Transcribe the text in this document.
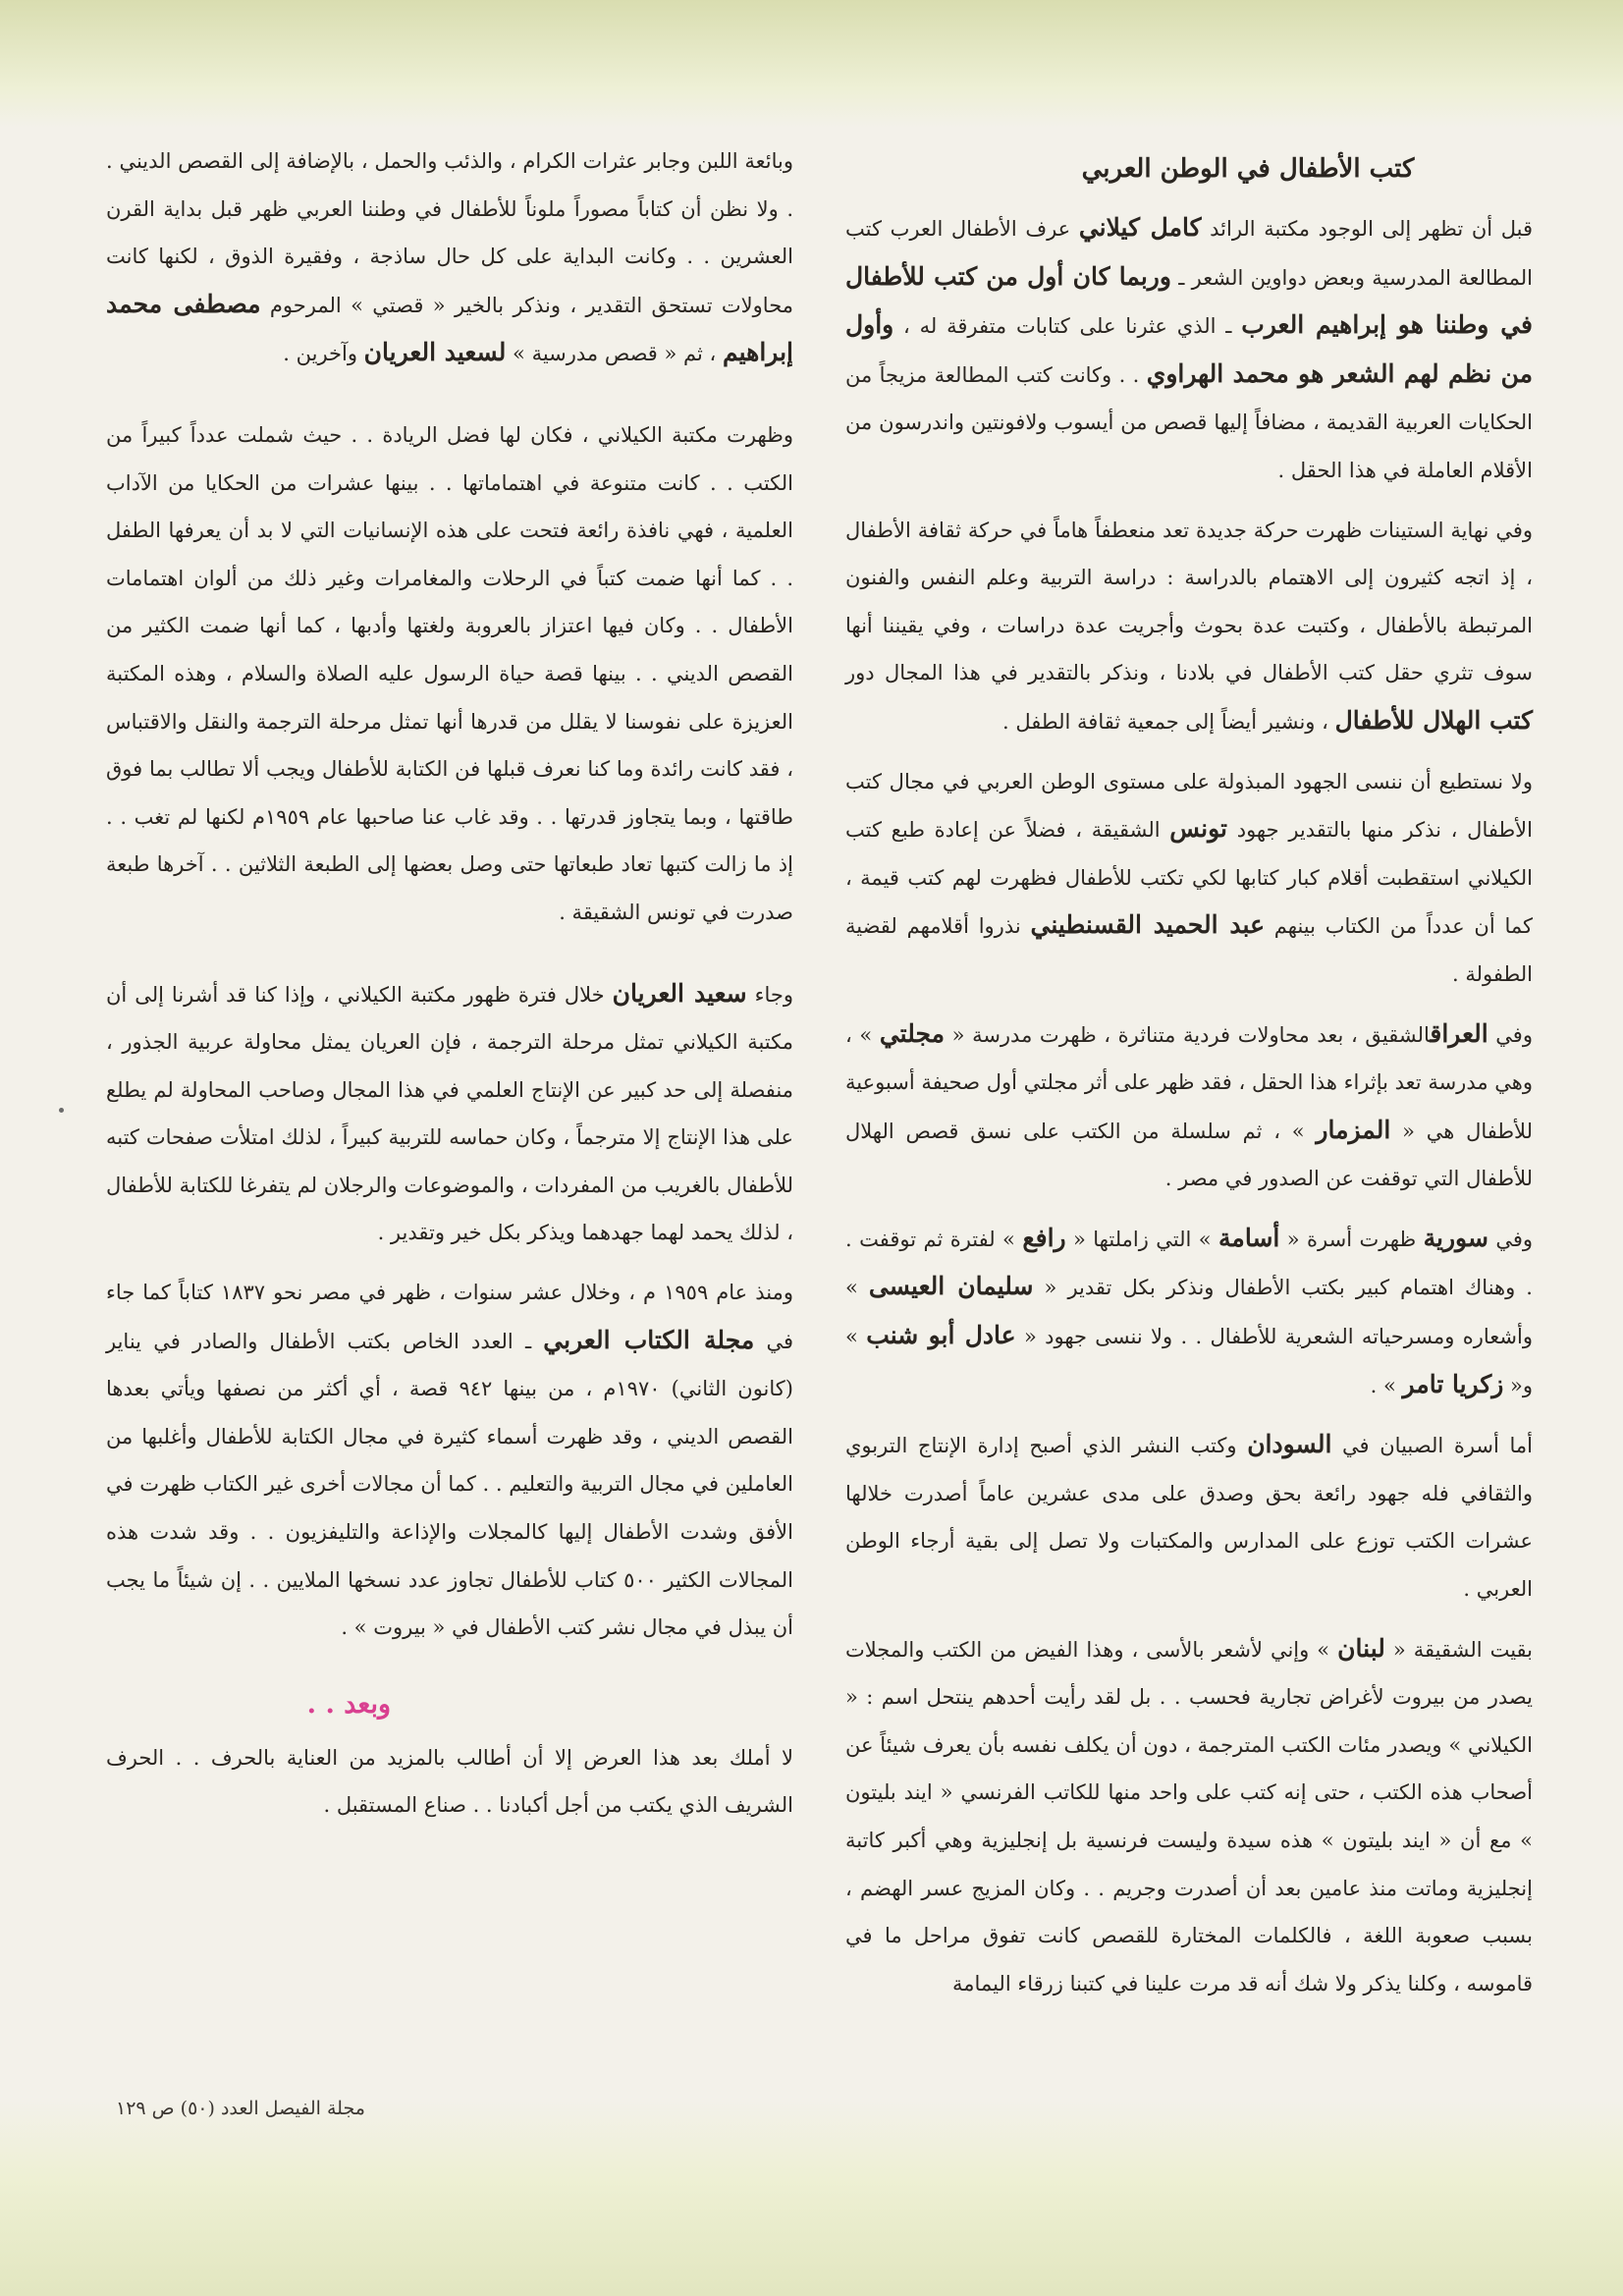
كتب الأطفال في الوطن العربي

قبل أن تظهر إلى الوجود مكتبة الرائد كامل كيلاني عرف الأطفال العرب كتب المطالعة المدرسية وبعض دواوين الشعر ـ وربما كان أول من كتب للأطفال في وطننا هو إبراهيم العرب ـ الذي عثرنا على كتابات متفرقة له ، وأول من نظم لهم الشعر هو محمد الهراوي . . وكانت كتب المطالعة مزيجاً من الحكايات العربية القديمة ، مضافاً إليها قصص من أيسوب ولافونتين واندرسون من الأقلام العاملة في هذا الحقل .

وفي نهاية الستينات ظهرت حركة جديدة تعد منعطفاً هاماً في حركة ثقافة الأطفال ، إذ اتجه كثيرون إلى الاهتمام بالدراسة : دراسة التربية وعلم النفس والفنون المرتبطة بالأطفال ، وكتبت عدة بحوث وأجريت عدة دراسات ، وفي يقيننا أنها سوف تثري حقل كتب الأطفال في بلادنا ، ونذكر بالتقدير في هذا المجال دور كتب الهلال للأطفال ، ونشير أيضاً إلى جمعية ثقافة الطفل .

ولا نستطيع أن ننسى الجهود المبذولة على مستوى الوطن العربي في مجال كتب الأطفال ، نذكر منها بالتقدير جهود تونس الشقيقة ، فضلاً عن إعادة طبع كتب الكيلاني استقطبت أقلام كبار كتابها لكي تكتب للأطفال فظهرت لهم كتب قيمة ، كما أن عدداً من الكتاب بينهم عبد الحميد القسنطيني نذروا أقلامهم لقضية الطفولة .

وفي العراقالشقيق ، بعد محاولات فردية متناثرة ، ظهرت مدرسة « مجلتي » ، وهي مدرسة تعد بإثراء هذا الحقل ، فقد ظهر على أثر مجلتي أول صحيفة أسبوعية للأطفال هي « المزمار » ، ثم سلسلة من الكتب على نسق قصص الهلال للأطفال التي توقفت عن الصدور في مصر .

وفي سورية ظهرت أسرة « أسامة » التي زاملتها « رافع » لفترة ثم توقفت . . وهناك اهتمام كبير بكتب الأطفال ونذكر بكل تقدير « سليمان العيسى » وأشعاره ومسرحياته الشعرية للأطفال . . ولا ننسى جهود « عادل أبو شنب » و« زكريا تامر » .

أما أسرة الصبيان في السودان وكتب النشر الذي أصبح إدارة الإنتاج التربوي والثقافي فله جهود رائعة بحق وصدق على مدى عشرين عاماً أصدرت خلالها عشرات الكتب توزع على المدارس والمكتبات ولا تصل إلى بقية أرجاء الوطن العربي .

بقيت الشقيقة « لبنان » وإني لأشعر بالأسى ، وهذا الفيض من الكتب والمجلات يصدر من بيروت لأغراض تجارية فحسب . . بل لقد رأيت أحدهم ينتحل اسم : « الكيلاني » ويصدر مئات الكتب المترجمة ، دون أن يكلف نفسه بأن يعرف شيئاً عن أصحاب هذه الكتب ، حتى إنه كتب على واحد منها للكاتب الفرنسي « ايند بليتون » مع أن « ايند بليتون » هذه سيدة وليست فرنسية بل إنجليزية وهي أكبر كاتبة إنجليزية وماتت منذ عامين بعد أن أصدرت وجريم . . وكان المزيج عسر الهضم ، بسبب صعوبة اللغة ، فالكلمات المختارة للقصص كانت تفوق مراحل ما في قاموسه ، وكلنا يذكر ولا شك أنه قد مرت علينا في كتبنا زرقاء اليمامة

وبائعة اللبن وجابر عثرات الكرام ، والذئب والحمل ، بالإضافة إلى القصص الديني . . ولا نظن أن كتاباً مصوراً ملوناً للأطفال في وطننا العربي ظهر قبل بداية القرن العشرين . . وكانت البداية على كل حال ساذجة ، وفقيرة الذوق ، لكنها كانت محاولات تستحق التقدير ، ونذكر بالخير « قصتي » المرحوم مصطفى محمد إبراهيم ، ثم « قصص مدرسية » لسعيد العريان وآخرين .

وظهرت مكتبة الكيلاني ، فكان لها فضل الريادة . . حيث شملت عدداً كبيراً من الكتب . . كانت متنوعة في اهتماماتها . . بينها عشرات من الحكايا من الآداب العلمية ، فهي نافذة رائعة فتحت على هذه الإنسانيات التي لا بد أن يعرفها الطفل . . كما أنها ضمت كتباً في الرحلات والمغامرات وغير ذلك من ألوان اهتمامات الأطفال . . وكان فيها اعتزاز بالعروبة ولغتها وأدبها ، كما أنها ضمت الكثير من القصص الديني . . بينها قصة حياة الرسول عليه الصلاة والسلام ، وهذه المكتبة العزيزة على نفوسنا لا يقلل من قدرها أنها تمثل مرحلة الترجمة والنقل والاقتباس ، فقد كانت رائدة وما كنا نعرف قبلها فن الكتابة للأطفال ويجب ألا تطالب بما فوق طاقتها ، وبما يتجاوز قدرتها . . وقد غاب عنا صاحبها عام ١٩٥٩م لكنها لم تغب . . إذ ما زالت كتبها تعاد طبعاتها حتى وصل بعضها إلى الطبعة الثلاثين . . آخرها طبعة صدرت في تونس الشقيقة .

وجاء سعيد العريان خلال فترة ظهور مكتبة الكيلاني ، وإذا كنا قد أشرنا إلى أن مكتبة الكيلاني تمثل مرحلة الترجمة ، فإن العريان يمثل محاولة عربية الجذور ، منفصلة إلى حد كبير عن الإنتاج العلمي في هذا المجال وصاحب المحاولة لم يطلع على هذا الإنتاج إلا مترجماً ، وكان حماسه للتربية كبيراً ، لذلك امتلأت صفحات كتبه للأطفال بالغريب من المفردات ، والموضوعات والرجلان لم يتفرغا للكتابة للأطفال ، لذلك يحمد لهما جهدهما ويذكر بكل خير وتقدير .

ومنذ عام ١٩٥٩ م ، وخلال عشر سنوات ، ظهر في مصر نحو ١٨٣٧ كتاباً كما جاء في مجلة الكتاب العربي ـ العدد الخاص بكتب الأطفال والصادر في يناير (كانون الثاني) ١٩٧٠م ، من بينها ٩٤٢ قصة ، أي أكثر من نصفها ويأتي بعدها القصص الديني ، وقد ظهرت أسماء كثيرة في مجال الكتابة للأطفال وأغلبها من العاملين في مجال التربية والتعليم . . كما أن مجالات أخرى غير الكتاب ظهرت في الأفق وشدت الأطفال إليها كالمجلات والإذاعة والتليفزيون . . وقد شدت هذه المجالات الكثير ٥٠٠ كتاب للأطفال تجاوز عدد نسخها الملايين . . إن شيئاً ما يجب أن يبذل في مجال نشر كتب الأطفال في « بيروت » .

وبعد . .

لا أملك بعد هذا العرض إلا أن أطالب بالمزيد من العناية بالحرف . . الحرف الشريف الذي يكتب من أجل أكبادنا . . صناع المستقبل .

مجلة الفيصل العدد (٥٠) ص ١٢٩
